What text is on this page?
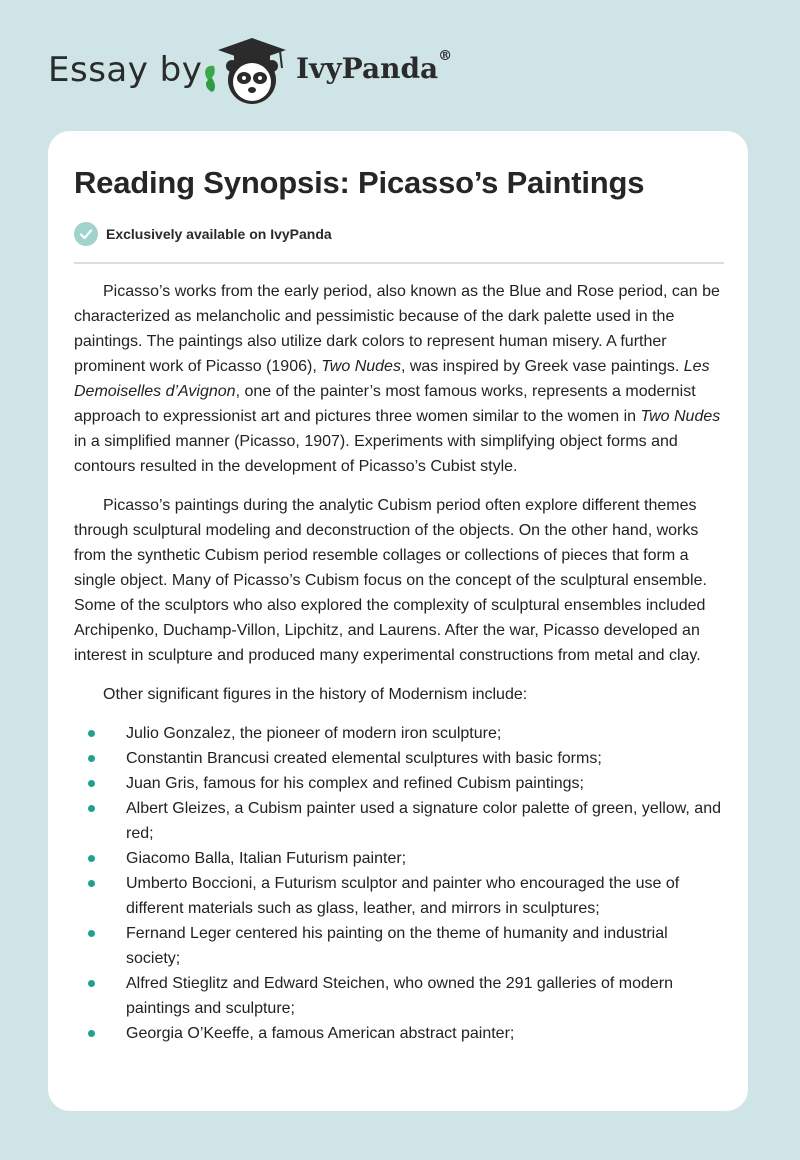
Essay by	IvyPanda®
Reading Synopsis: Picasso’s Paintings
Exclusively available on IvyPanda

Picasso’s works from the early period, also known as the Blue and Rose period, can be characterized as melancholic and pessimistic because of the dark palette used in the paintings. The paintings also utilize dark colors to represent human misery. A further prominent work of Picasso (1906), Two Nudes, was inspired by Greek vase paintings. Les Demoiselles d’Avignon, one of the painter’s most famous works, represents a modernist approach to expressionist art and pictures three women similar to the women in Two Nudes in a simplified manner (Picasso, 1907). Experiments with simplifying object forms and contours resulted in the development of Picasso’s Cubist style.

Picasso’s paintings during the analytic Cubism period often explore different themes through sculptural modeling and deconstruction of the objects. On the other hand, works from the synthetic Cubism period resemble collages or collections of pieces that form a single object. Many of Picasso’s Cubism focus on the concept of the sculptural ensemble. Some of the sculptors who also explored the complexity of sculptural ensembles included Archipenko, Duchamp-Villon, Lipchitz, and Laurens. After the war, Picasso developed an interest in sculpture and produced many experimental constructions from metal and clay.

Other significant figures in the history of Modernism include:

Julio Gonzalez, the pioneer of modern iron sculpture;
Constantin Brancusi created elemental sculptures with basic forms;
Juan Gris, famous for his complex and refined Cubism paintings;
Albert Gleizes, a Cubism painter used a signature color palette of green, yellow, and red;
Giacomo Balla, Italian Futurism painter;
Umberto Boccioni, a Futurism sculptor and painter who encouraged the use of different materials such as glass, leather, and mirrors in sculptures;
Fernand Leger centered his painting on the theme of humanity and industrial society;
Alfred Stieglitz and Edward Steichen, who owned the 291 galleries of modern paintings and sculpture;
Georgia O’Keeffe, a famous American abstract painter;
